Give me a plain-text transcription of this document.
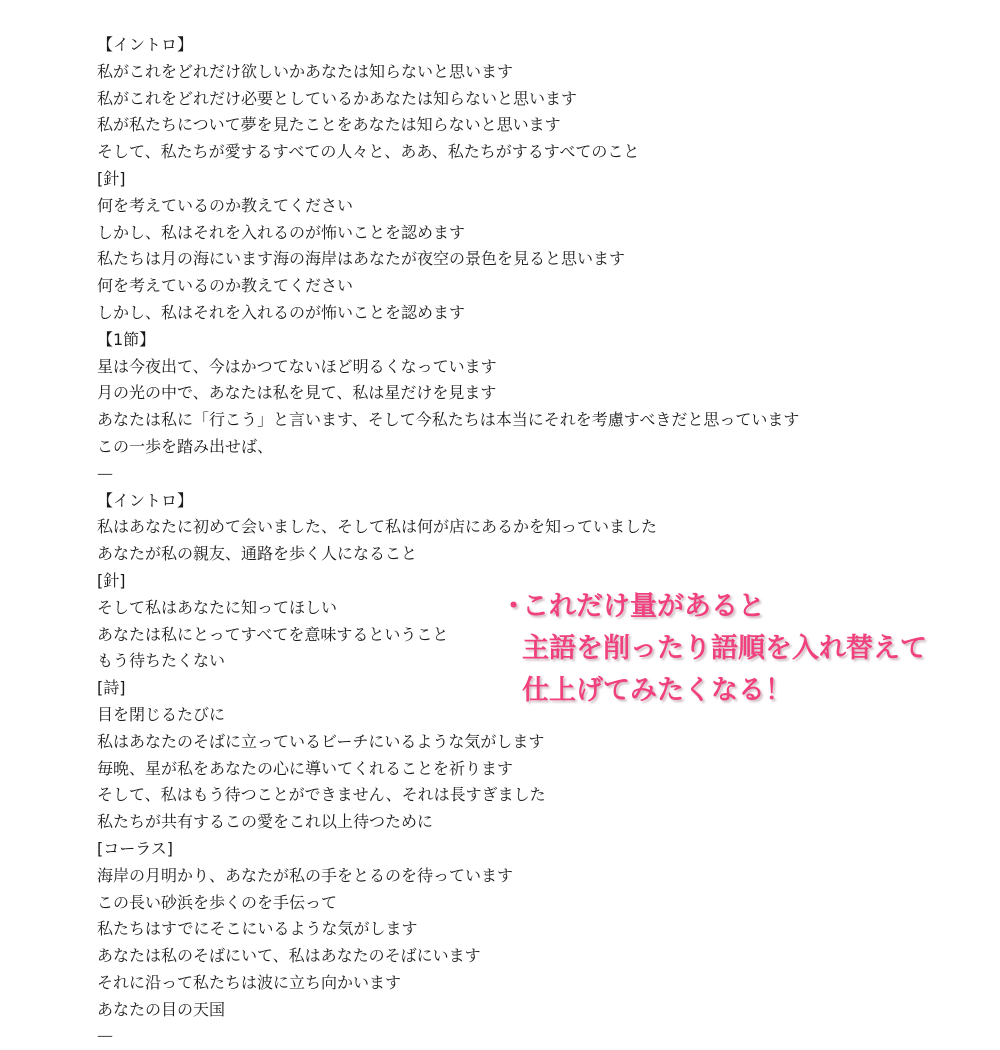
【イントロ】
私がこれをどれだけ欲しいかあなたは知らないと思います
私がこれをどれだけ必要としているかあなたは知らないと思います
私が私たちについて夢を見たことをあなたは知らないと思います
そして、私たちが愛するすべての人々と、ああ、私たちがするすべてのこと
[針]
何を考えているのか教えてください
しかし、私はそれを入れるのが怖いことを認めます
私たちは月の海にいます海の海岸はあなたが夜空の景色を見ると思います
何を考えているのか教えてください
しかし、私はそれを入れるのが怖いことを認めます
【1節】
星は今夜出て、今はかつてないほど明るくなっています
月の光の中で、あなたは私を見て、私は星だけを見ます
あなたは私に「行こう」と言います、そして今私たちは本当にそれを考慮すべきだと思っています
この一歩を踏み出せば、
—
【イントロ】
私はあなたに初めて会いました、そして私は何が店にあるかを知っていました
あなたが私の親友、通路を歩く人になること
[針]
そして私はあなたに知ってほしい
あなたは私にとってすべてを意味するということ
もう待ちたくない
[詩]
目を閉じるたびに
私はあなたのそばに立っているビーチにいるような気がします
毎晩、星が私をあなたの心に導いてくれることを祈ります
そして、私はもう待つことができません、それは長すぎました
私たちが共有するこの愛をこれ以上待つために
[コーラス]
海岸の月明かり、あなたが私の手をとるのを待っています
この長い砂浜を歩くのを手伝って
私たちはすでにそこにいるような気がします
あなたは私のそばにいて、私はあなたのそばにいます
それに沿って私たちは波に立ち向かいます
あなたの目の天国
—
・
これだけ量があると
主語を削ったり語順を入れ替えて
仕上げてみたくなる！
